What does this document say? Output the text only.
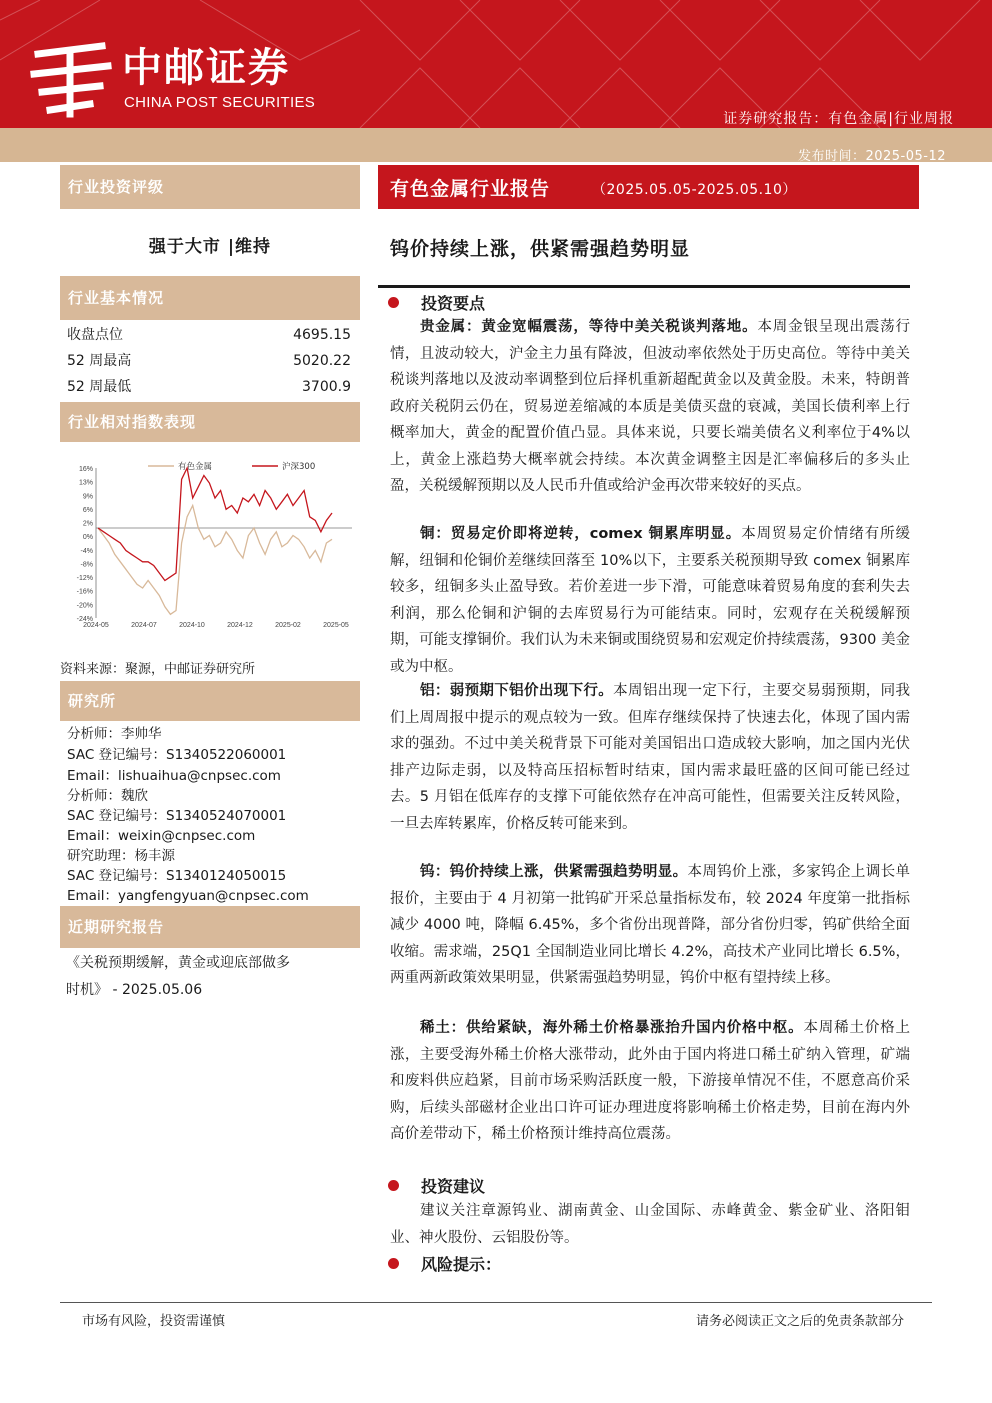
中邮证券
CHINA POST SECURITIES
证券研究报告：有色金属|行业周报
发布时间：2025-05-12
行业投资评级
强于大市 |维持
行业基本情况
收盘点位	4695.15
52 周最高	5020.22
52 周最低	3700.9
行业相对指数表现
16%
13%
9%
6%
2%
0%
-4%
-8%
-12%
-16%
-20%
-24%
2024-05	2024-07	2024-10	2024-12	2025-02	2025-05
有色金属	沪深300
资料来源：聚源，中邮证券研究所
研究所
分析师：李帅华
SAC 登记编号：S1340522060001
Email：lishuaihua@cnpsec.com
分析师：魏欣
SAC 登记编号：S1340524070001
Email：weixin@cnpsec.com
研究助理：杨丰源
SAC 登记编号：S1340124050015
Email：yangfengyuan@cnpsec.com
近期研究报告
《关税预期缓解，黄金或迎底部做多
时机》 - 2025.05.06
有色金属行业报告	（2025.05.05-2025.05.10）
钨价持续上涨，供紧需强趋势明显
投资要点
贵金属：黄金宽幅震荡，等待中美关税谈判落地。本周金银呈现出震荡行情，且波动较大，沪金主力虽有降波，但波动率依然处于历史高位。等待中美关税谈判落地以及波动率调整到位后择机重新超配黄金以及黄金股。未来，特朗普政府关税阴云仍在，贸易逆差缩减的本质是美债买盘的衰减，美国长债利率上行概率加大，黄金的配置价值凸显。具体来说，只要长端美债名义利率位于4%以上，黄金上涨趋势大概率就会持续。本次黄金调整主因是汇率偏移后的多头止盈，关税缓解预期以及人民币升值或给沪金再次带来较好的买点。
铜：贸易定价即将逆转，comex 铜累库明显。本周贸易定价情绪有所缓解，纽铜和伦铜价差继续回落至 10%以下，主要系关税预期导致 comex 铜累库较多，纽铜多头止盈导致。若价差进一步下滑，可能意味着贸易角度的套利失去利润，那么伦铜和沪铜的去库贸易行为可能结束。同时，宏观存在关税缓解预期，可能支撑铜价。我们认为未来铜或围绕贸易和宏观定价持续震荡，9300 美金或为中枢。
铝：弱预期下铝价出现下行。本周铝出现一定下行，主要交易弱预期，同我们上周周报中提示的观点较为一致。但库存继续保持了快速去化，体现了国内需求的强劲。不过中美关税背景下可能对美国铝出口造成较大影响，加之国内光伏排产边际走弱，以及特高压招标暂时结束，国内需求最旺盛的区间可能已经过去。5 月铝在低库存的支撑下可能依然存在冲高可能性，但需要关注反转风险，一旦去库转累库，价格反转可能来到。
钨：钨价持续上涨，供紧需强趋势明显。本周钨价上涨，多家钨企上调长单报价，主要由于 4 月初第一批钨矿开采总量指标发布，较 2024 年度第一批指标减少 4000 吨，降幅 6.45%，多个省份出现普降，部分省份归零，钨矿供给全面收缩。需求端，25Q1 全国制造业同比增长 4.2%，高技术产业同比增长 6.5%，两重两新政策效果明显，供紧需强趋势明显，钨价中枢有望持续上移。
稀土：供给紧缺，海外稀土价格暴涨抬升国内价格中枢。本周稀土价格上涨，主要受海外稀土价格大涨带动，此外由于国内将进口稀土矿纳入管理，矿端和废料供应趋紧，目前市场采购活跃度一般，下游接单情况不佳，不愿意高价采购，后续头部磁材企业出口许可证办理进度将影响稀土价格走势，目前在海内外高价差带动下，稀土价格预计维持高位震荡。
投资建议
建议关注章源钨业、湖南黄金、山金国际、赤峰黄金、紫金矿业、洛阳钼业、神火股份、云铝股份等。
风险提示：
市场有风险，投资需谨慎	请务必阅读正文之后的免责条款部分
